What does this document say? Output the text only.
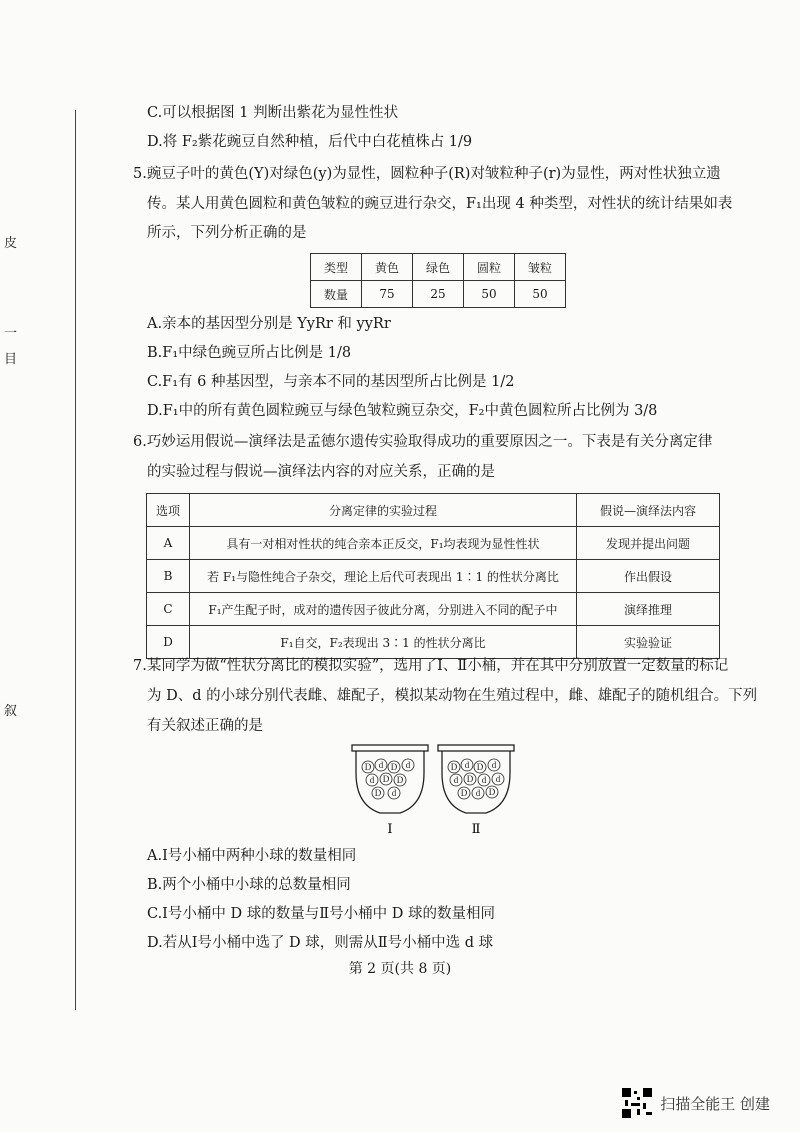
皮
一
目
叙
C.可以根据图 1 判断出紫花为显性性状
D.将 F₂紫花豌豆自然种植，后代中白花植株占 1/9
5.豌豆子叶的黄色(Y)对绿色(y)为显性，圆粒种子(R)对皱粒种子(r)为显性，两对性状独立遗
传。某人用黄色圆粒和黄色皱粒的豌豆进行杂交，F₁出现 4 种类型，对性状的统计结果如表
所示，下列分析正确的是
类型	黄色	绿色	圆粒	皱粒
数量	75	25	50	50
A.亲本的基因型分别是 YyRr 和 yyRr
B.F₁中绿色豌豆所占比例是 1/8
C.F₁有 6 种基因型，与亲本不同的基因型所占比例是 1/2
D.F₁中的所有黄色圆粒豌豆与绿色皱粒豌豆杂交，F₂中黄色圆粒所占比例为 3/8
6.巧妙运用假说—演绎法是孟德尔遗传实验取得成功的重要原因之一。下表是有关分离定律
的实验过程与假说—演绎法内容的对应关系，正确的是
选项	分离定律的实验过程	假说—演绎法内容
A	具有一对相对性状的纯合亲本正反交，F₁均表现为显性性状	发现并提出问题
B	若 F₁与隐性纯合子杂交，理论上后代可表现出 1∶1 的性状分离比	作出假设
C	F₁产生配子时，成对的遗传因子彼此分离，分别进入不同的配子中	演绎推理
D	F₁自交，F₂表现出 3∶1 的性状分离比	实验验证
7.某同学为做“性状分离比的模拟实验”，选用了Ⅰ、Ⅱ小桶，并在其中分别放置一定数量的标记
为 D、d 的小球分别代表雌、雄配子，模拟某动物在生殖过程中，雌、雄配子的随机组合。下列
有关叙述正确的是
D d D d
d D D
D d
D d D d
d D d d
D d D
Ⅰ	Ⅱ
A.Ⅰ号小桶中两种小球的数量相同
B.两个小桶中小球的总数量相同
C.Ⅰ号小桶中 D 球的数量与Ⅱ号小桶中 D 球的数量相同
D.若从Ⅰ号小桶中选了 D 球，则需从Ⅱ号小桶中选 d 球
第 2 页(共 8 页)
扫描全能王 创建
